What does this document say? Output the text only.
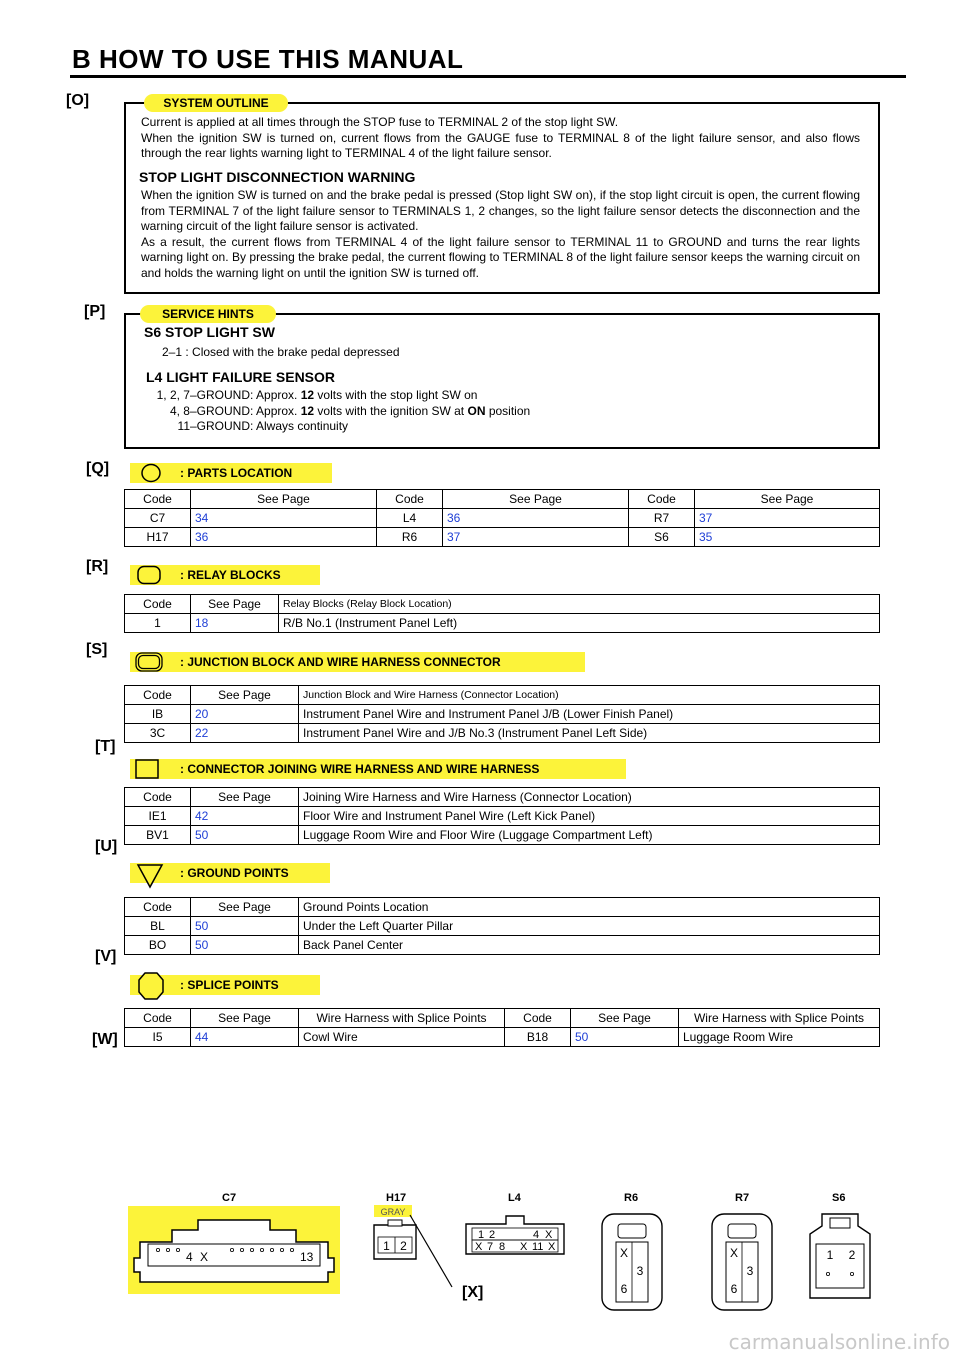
B HOW TO USE THIS MANUAL
[O]	SYSTEM OUTLINE

Current is applied at all times through the STOP fuse to TERMINAL 2 of the stop light SW.

When the ignition SW is turned on, current flows from the GAUGE fuse to TERMINAL 8 of the light failure sensor, and also flows through the rear lights warning light to TERMINAL 4 of the light failure sensor.

STOP LIGHT DISCONNECTION WARNING

When the ignition SW is turned on and the brake pedal is pressed (Stop light SW on), if the stop light circuit is open, the current flowing from TERMINAL 7 of the light failure sensor to TERMINALS 1, 2 changes, so the light failure sensor detects the disconnection and the warning circuit of the light failure sensor is activated.

As a result, the current flows from TERMINAL 4 of the light failure sensor to TERMINAL 11 to GROUND and turns the rear lights warning light on. By pressing the brake pedal, the current flowing to TERMINAL 8 of the light failure sensor keeps the warning circuit on and holds the warning light on until the ignition SW is turned off.

[P]	SERVICE HINTS
S6 STOP LIGHT SW
2–1 : Closed with the brake pedal depressed
L4 LIGHT FAILURE SENSOR
1, 2, 7–GROUND : Approx. 12 volts with the stop light SW on
4, 8–GROUND : Approx. 12 volts with the ignition SW at ON position
11–GROUND : Always continuity
[Q]	: PARTS LOCATION
Code	See Page	Code	See Page	Code	See Page
C7	34	L4	36	R7	37
H17	36	R6	37	S6	35
[R]	: RELAY BLOCKS
Code	See Page	Relay Blocks (Relay Block Location)
1	18	R/B No.1 (Instrument Panel Left)
[S]
: JUNCTION BLOCK AND WIRE HARNESS CONNECTOR
Code	See Page	Junction Block and Wire Harness (Connector Location)
IB	20	Instrument Panel Wire and Instrument Panel J/B (Lower Finish Panel)
3C	22	Instrument Panel Wire and J/B No.3 (Instrument Panel Left Side)
[T]
: CONNECTOR JOINING WIRE HARNESS AND WIRE HARNESS
Code	See Page	Joining Wire Harness and Wire Harness (Connector Location)
IE1	42	Floor Wire and Instrument Panel Wire (Left Kick Panel)
BV1	50	Luggage Room Wire and Floor Wire (Luggage Compartment Left)
[U]
: GROUND POINTS
Code	See Page	Ground Points Location
BL	50	Under the Left Quarter Pillar
BO	50	Back Panel Center
[V]
: SPLICE POINTS
Code	See Page	Wire Harness with Splice Points	Code	See Page	Wire Harness with Splice Points
I5	44	Cowl Wire	B18	50	Luggage Room Wire
[W]
C7	H17	L4	R6	R7	S6
4 X	13
GRAY
1 2
[X]
1 2	4 X
X 7 8 X 11 X	X
3
6
X
3
6
1 2
carmanualsonline.info
